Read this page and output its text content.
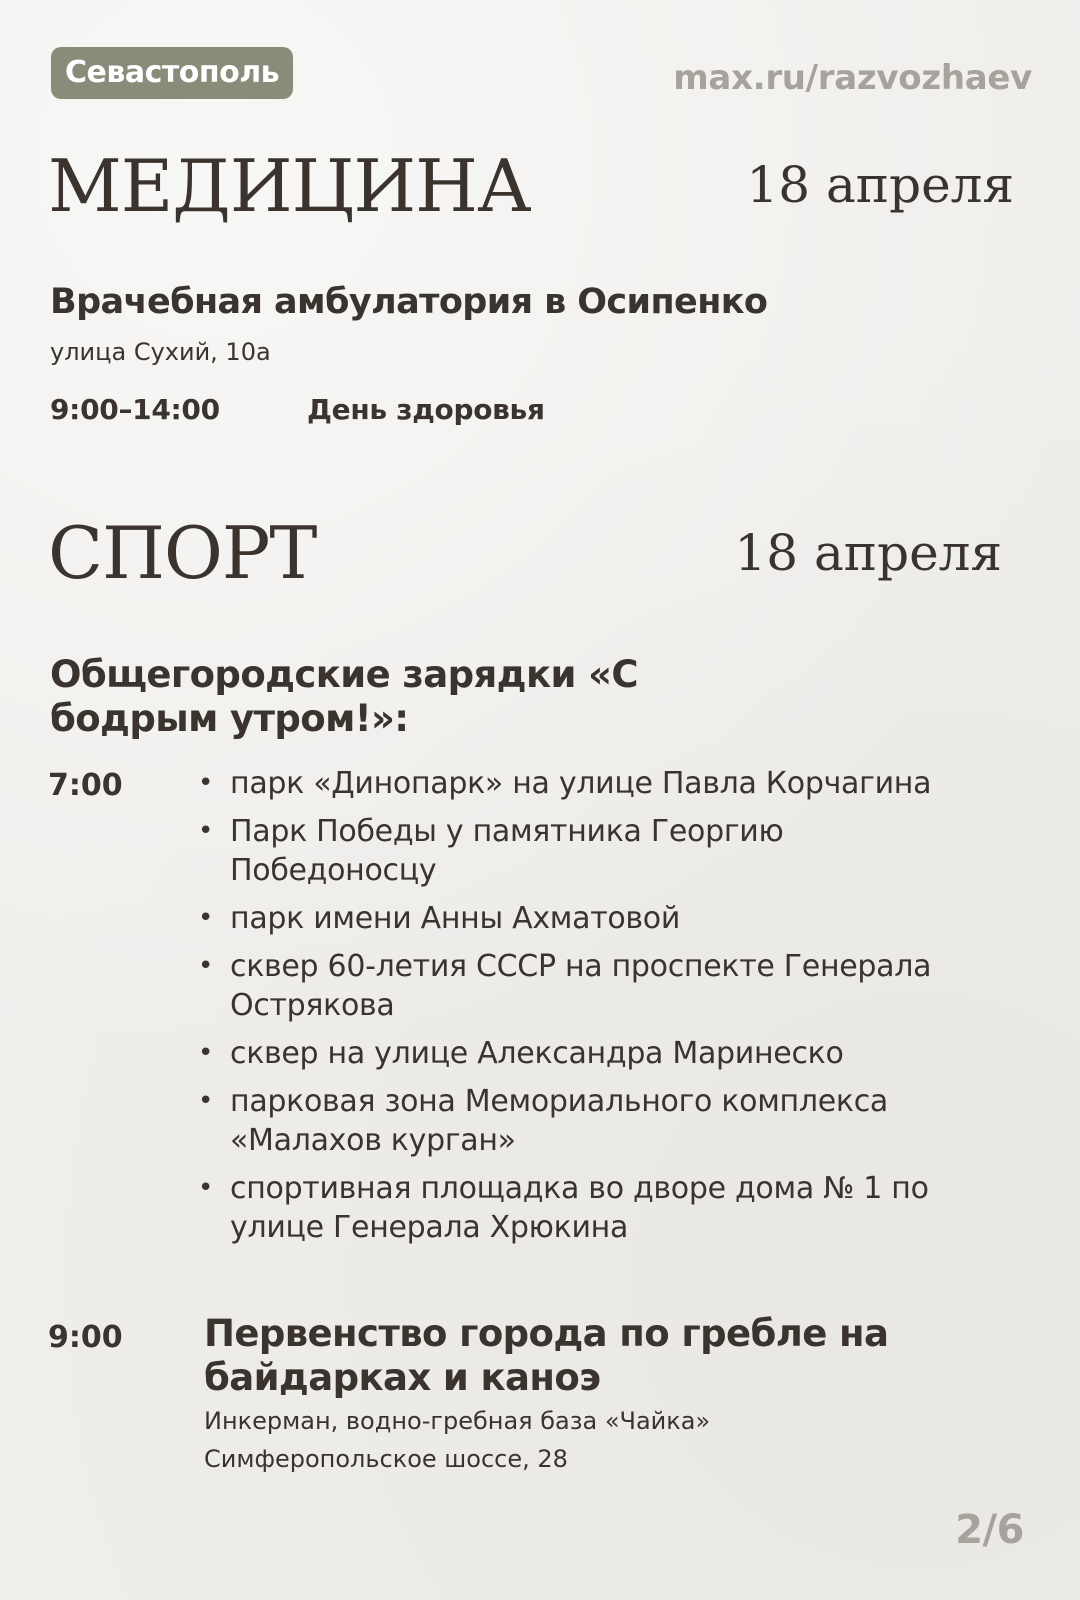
Севастополь	max.ru/razvozhaev
МЕДИЦИНА	18 апреля
Врачебная амбулатория в Осипенко
улица Сухий, 10а
9:00–14:00	День здоровья
СПОРТ	18 апреля
Общегородские зарядки «С бодрым утром!»:
7:00	• парк «Динопарк» на улице Павла Корчагина
• Парк Победы у памятника Георгию Победоносцу
• парк имени Анны Ахматовой
• сквер 60-летия СССР на проспекте Генерала Острякова
• сквер на улице Александра Маринеско
• парковая зона Мемориального комплекса «Малахов курган»
• спортивная площадка во дворе дома № 1 по улице Генерала Хрюкина
9:00 Первенство города по гребле на байдарках и каноэ
Инкерман, водно-гребная база «Чайка»
Симферопольское шоссе, 28
2/6
